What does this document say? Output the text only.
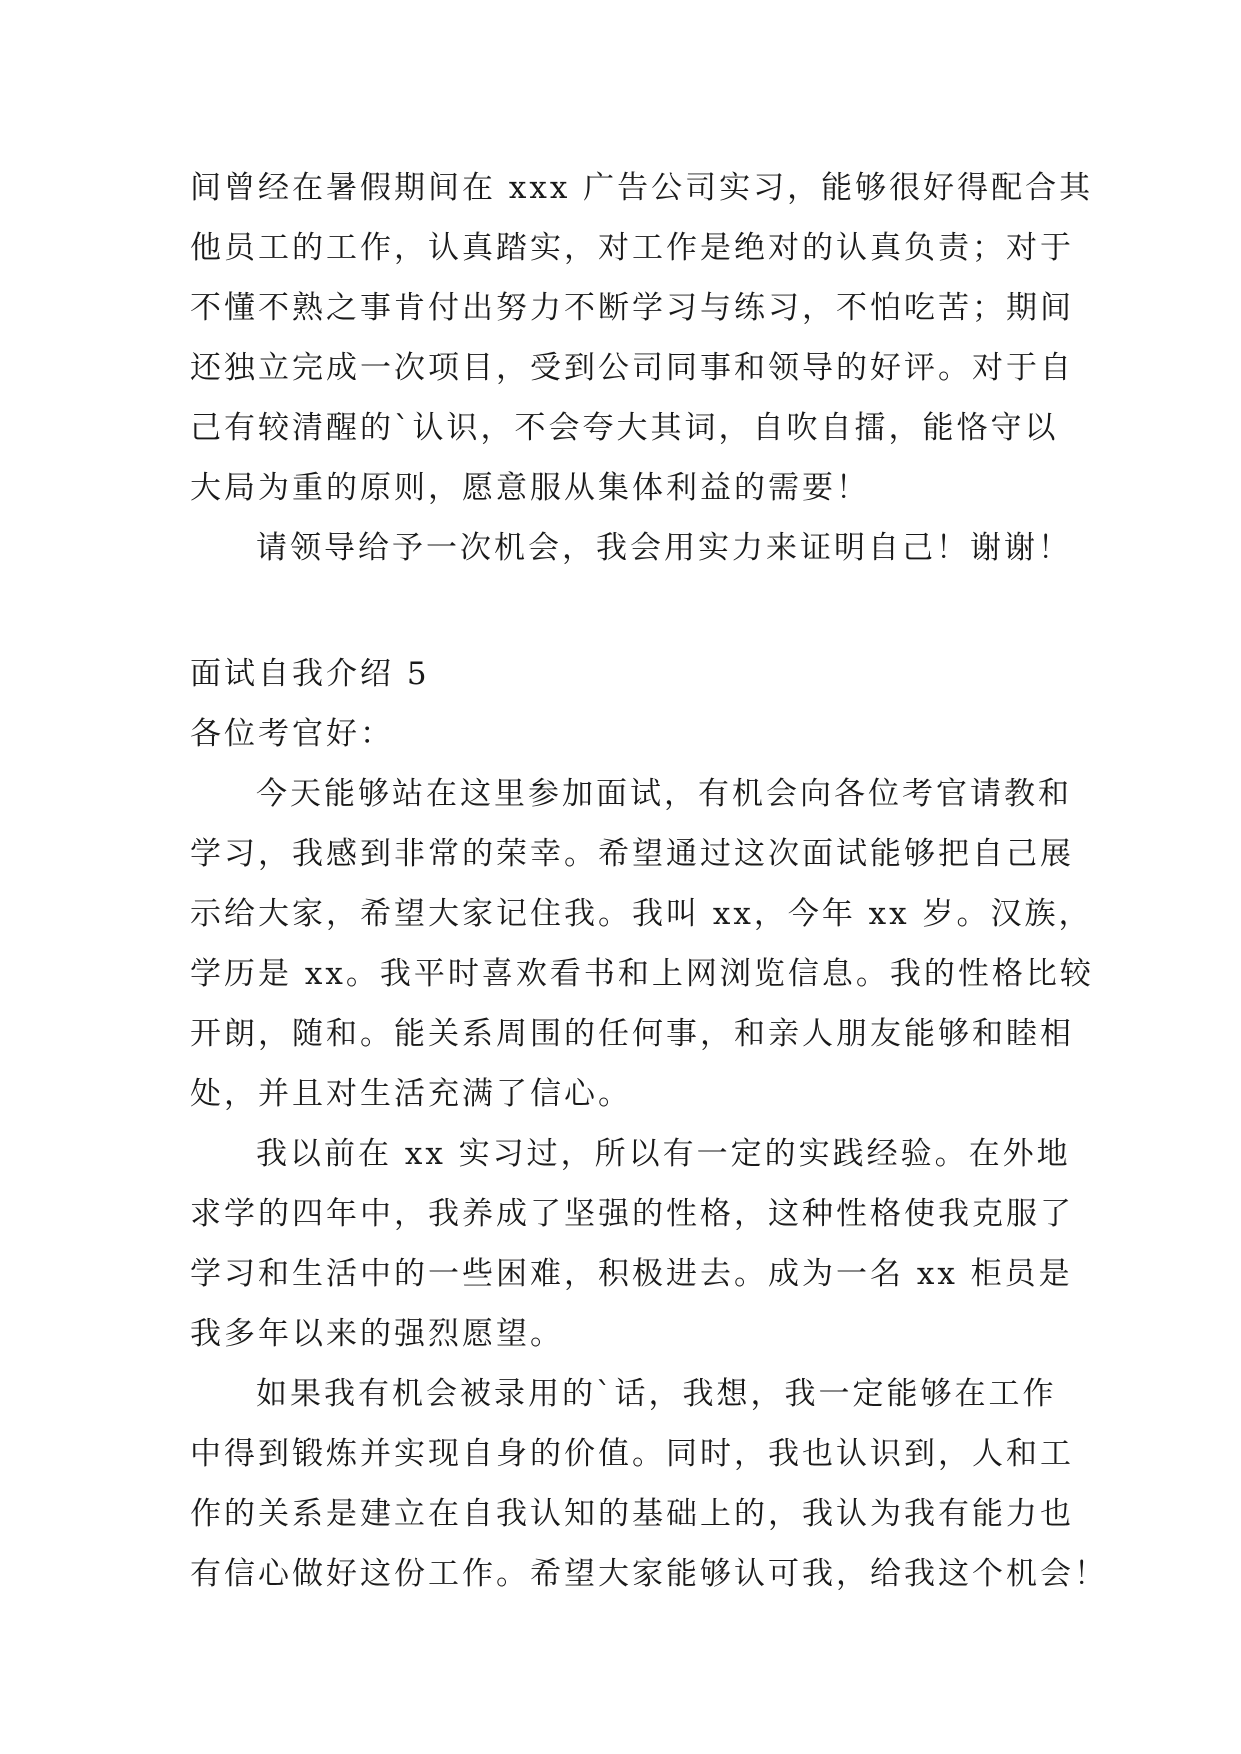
间曾经在暑假期间在 xxx 广告公司实习，能够很好得配合其

他员工的工作，认真踏实，对工作是绝对的认真负责；对于

不懂不熟之事肯付出努力不断学习与练习，不怕吃苦；期间

还独立完成一次项目，受到公司同事和领导的好评。对于自

己有较清醒的`认识，不会夸大其词，自吹自擂，能恪守以

大局为重的原则，愿意服从集体利益的需要！

请领导给予一次机会，我会用实力来证明自己！谢谢！

面试自我介绍 5

各位考官好：

今天能够站在这里参加面试，有机会向各位考官请教和

学习，我感到非常的荣幸。希望通过这次面试能够把自己展

示给大家，希望大家记住我。我叫 xx，今年 xx 岁。汉族，

学历是 xx。我平时喜欢看书和上网浏览信息。我的性格比较

开朗，随和。能关系周围的任何事，和亲人朋友能够和睦相

处，并且对生活充满了信心。

我以前在 xx 实习过，所以有一定的实践经验。在外地

求学的四年中，我养成了坚强的性格，这种性格使我克服了

学习和生活中的一些困难，积极进去。成为一名 xx 柜员是

我多年以来的强烈愿望。

如果我有机会被录用的`话，我想，我一定能够在工作

中得到锻炼并实现自身的价值。同时，我也认识到，人和工

作的关系是建立在自我认知的基础上的，我认为我有能力也

有信心做好这份工作。希望大家能够认可我，给我这个机会！
